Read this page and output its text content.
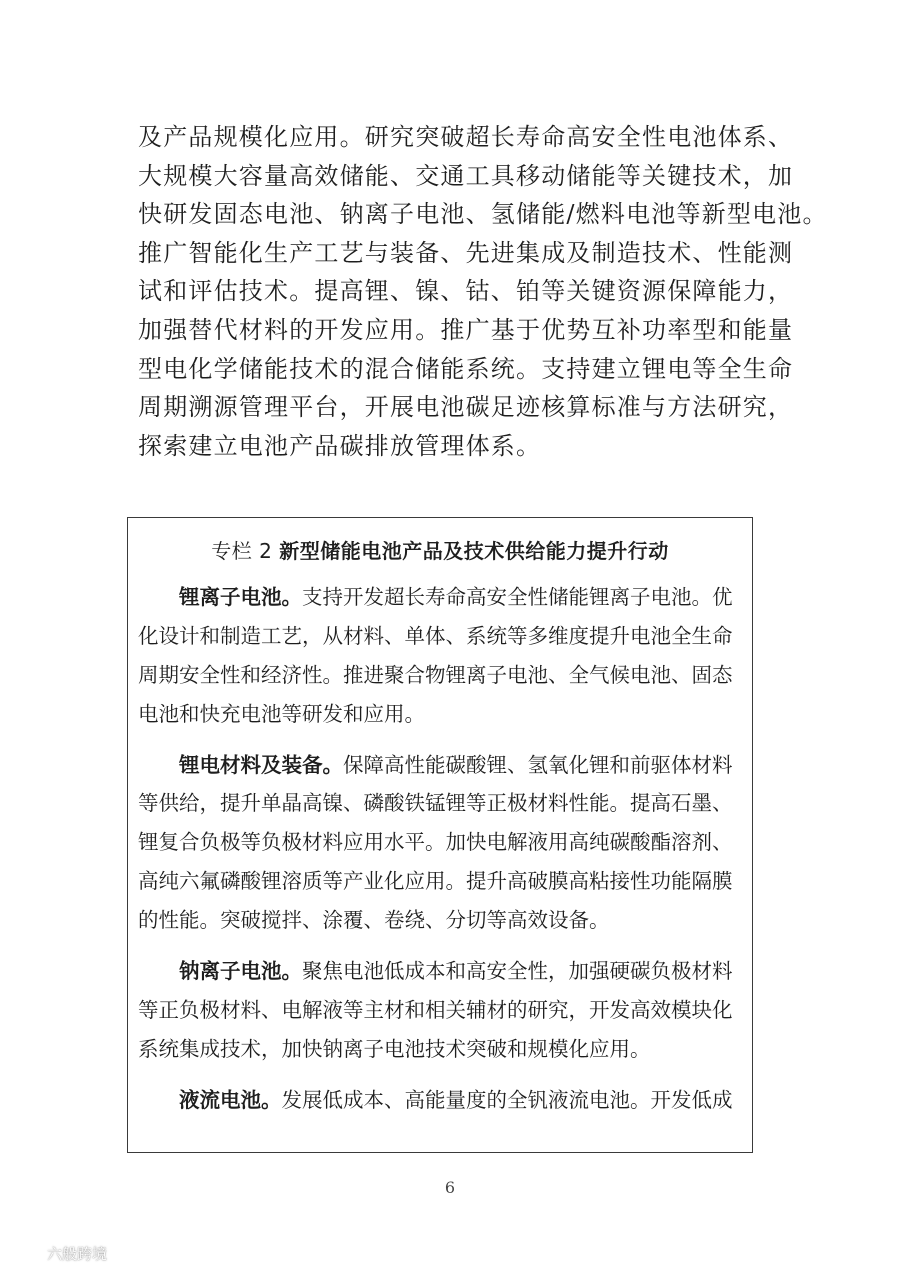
及产品规模化应用。研究突破超长寿命高安全性电池体系、
大规模大容量高效储能、交通工具移动储能等关键技术，加
快研发固态电池、钠离子电池、氢储能/燃料电池等新型电池。
推广智能化生产工艺与装备、先进集成及制造技术、性能测
试和评估技术。提高锂、镍、钴、铂等关键资源保障能力，
加强替代材料的开发应用。推广基于优势互补功率型和能量
型电化学储能技术的混合储能系统。支持建立锂电等全生命
周期溯源管理平台，开展电池碳足迹核算标准与方法研究，
探索建立电池产品碳排放管理体系。
专栏 2 新型储能电池产品及技术供给能力提升行动
  锂离子电池。支持开发超长寿命高安全性储能锂离子电池。优
化设计和制造工艺，从材料、单体、系统等多维度提升电池全生命
周期安全性和经济性。推进聚合物锂离子电池、全气候电池、固态
电池和快充电池等研发和应用。
  锂电材料及装备。保障高性能碳酸锂、氢氧化锂和前驱体材料
等供给，提升单晶高镍、磷酸铁锰锂等正极材料性能。提高石墨、
锂复合负极等负极材料应用水平。加快电解液用高纯碳酸酯溶剂、
高纯六氟磷酸锂溶质等产业化应用。提升高破膜高粘接性功能隔膜
的性能。突破搅拌、涂覆、卷绕、分切等高效设备。
  钠离子电池。聚焦电池低成本和高安全性，加强硬碳负极材料
等正负极材料、电解液等主材和相关辅材的研究，开发高效模块化
系统集成技术，加快钠离子电池技术突破和规模化应用。
  液流电池。发展低成本、高能量度的全钒液流电池。开发低成
6
六般跨境
